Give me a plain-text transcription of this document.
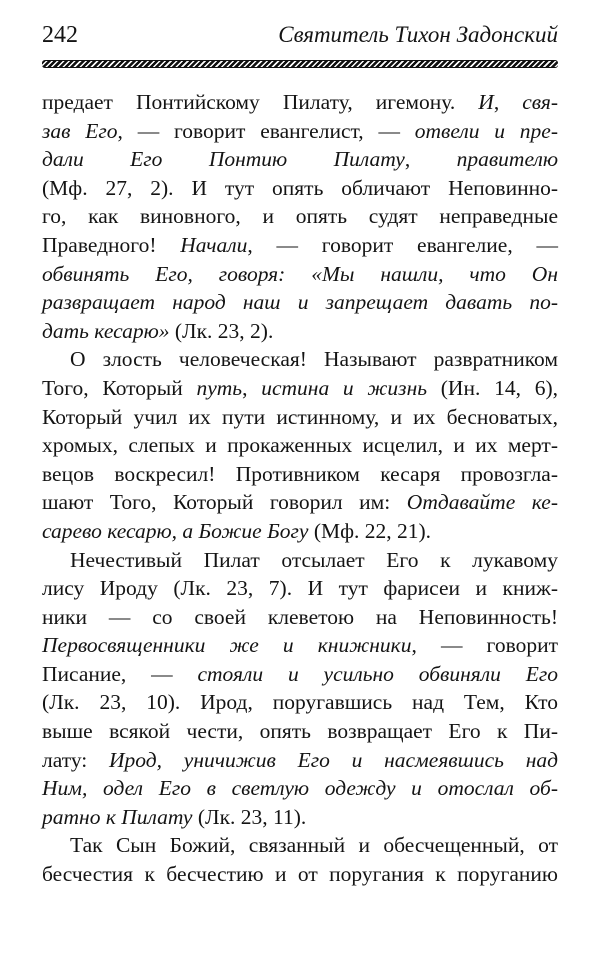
242	Святитель Тихон Задонский
предает Понтийскому Пилату, игемону. И, свя-
зав Его, — говорит евангелист, — отвели и пре-
дали Его Понтию Пилату, правителю
(Мф. 27, 2). И тут опять обличают Неповинно-
го, как виновного, и опять судят неправедные
Праведного! Начали, — говорит евангелие, —
обвинять Его, говоря: «Мы нашли, что Он
развращает народ наш и запрещает давать по-
дать кесарю» (Лк. 23, 2).
О злость человеческая! Называют развратником
Того, Который путь, истина и жизнь (Ин. 14, 6),
Который учил их пути истинному, и их бесноватых,
хромых, слепых и прокаженных исцелил, и их мерт-
вецов воскресил! Противником кесаря провозгла-
шают Того, Который говорил им: Отдавайте ке-
сарево кесарю, а Божие Богу (Мф. 22, 21).
Нечестивый Пилат отсылает Его к лукавому
лису Ироду (Лк. 23, 7). И тут фарисеи и книж-
ники — со своей клеветою на Неповинность!
Первосвященники же и книжники, — говорит
Писание, — стояли и усильно обвиняли Его
(Лк. 23, 10). Ирод, поругавшись над Тем, Кто
выше всякой чести, опять возвращает Его к Пи-
лату: Ирод, уничижив Его и насмеявшись над
Ним, одел Его в светлую одежду и отослал об-
ратно к Пилату (Лк. 23, 11).
Так Сын Божий, связанный и обесчещенный, от
бесчестия к бесчестию и от поругания к поруганию
